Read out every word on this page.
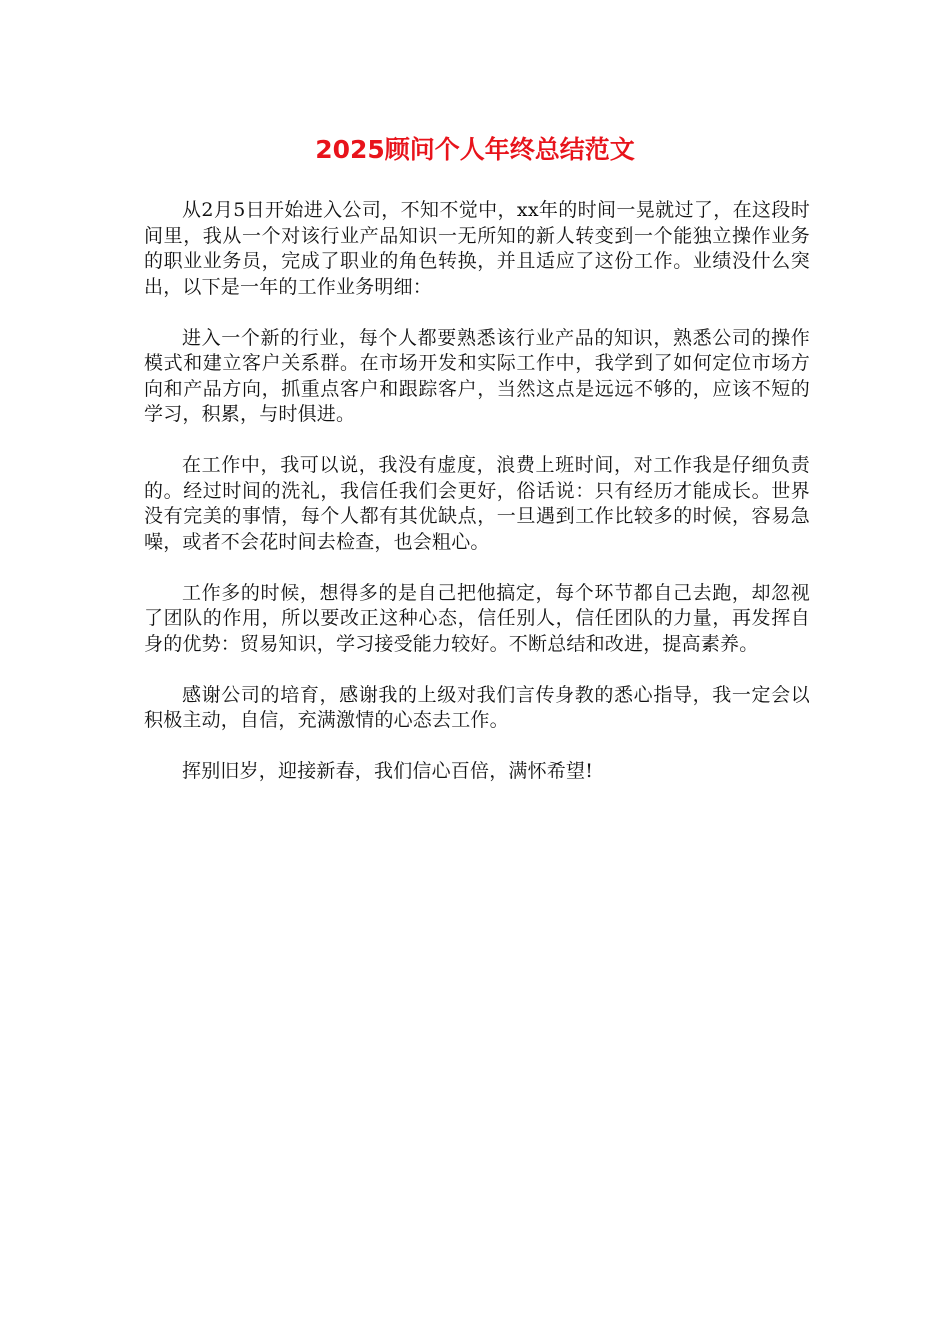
2025顾问个人年终总结范文

从2月5日开始进入公司，不知不觉中，xx年的时间一晃就过了，在这段时间里，我从一个对该行业产品知识一无所知的新人转变到一个能独立操作业务的职业业务员，完成了职业的角色转换，并且适应了这份工作。业绩没什么突出，以下是一年的工作业务明细：

进入一个新的行业，每个人都要熟悉该行业产品的知识，熟悉公司的操作模式和建立客户关系群。在市场开发和实际工作中，我学到了如何定位市场方向和产品方向，抓重点客户和跟踪客户，当然这点是远远不够的，应该不短的学习，积累，与时俱进。

在工作中，我可以说，我没有虚度，浪费上班时间，对工作我是仔细负责的。经过时间的洗礼，我信任我们会更好，俗话说：只有经历才能成长。世界没有完美的事情，每个人都有其优缺点，一旦遇到工作比较多的时候，容易急噪，或者不会花时间去检查，也会粗心。

工作多的时候，想得多的是自己把他搞定，每个环节都自己去跑，却忽视了团队的作用，所以要改正这种心态，信任别人，信任团队的力量，再发挥自身的优势：贸易知识，学习接受能力较好。不断总结和改进，提高素养。

感谢公司的培育，感谢我的上级对我们言传身教的悉心指导，我一定会以积极主动，自信，充满激情的心态去工作。

挥别旧岁，迎接新春，我们信心百倍，满怀希望!
